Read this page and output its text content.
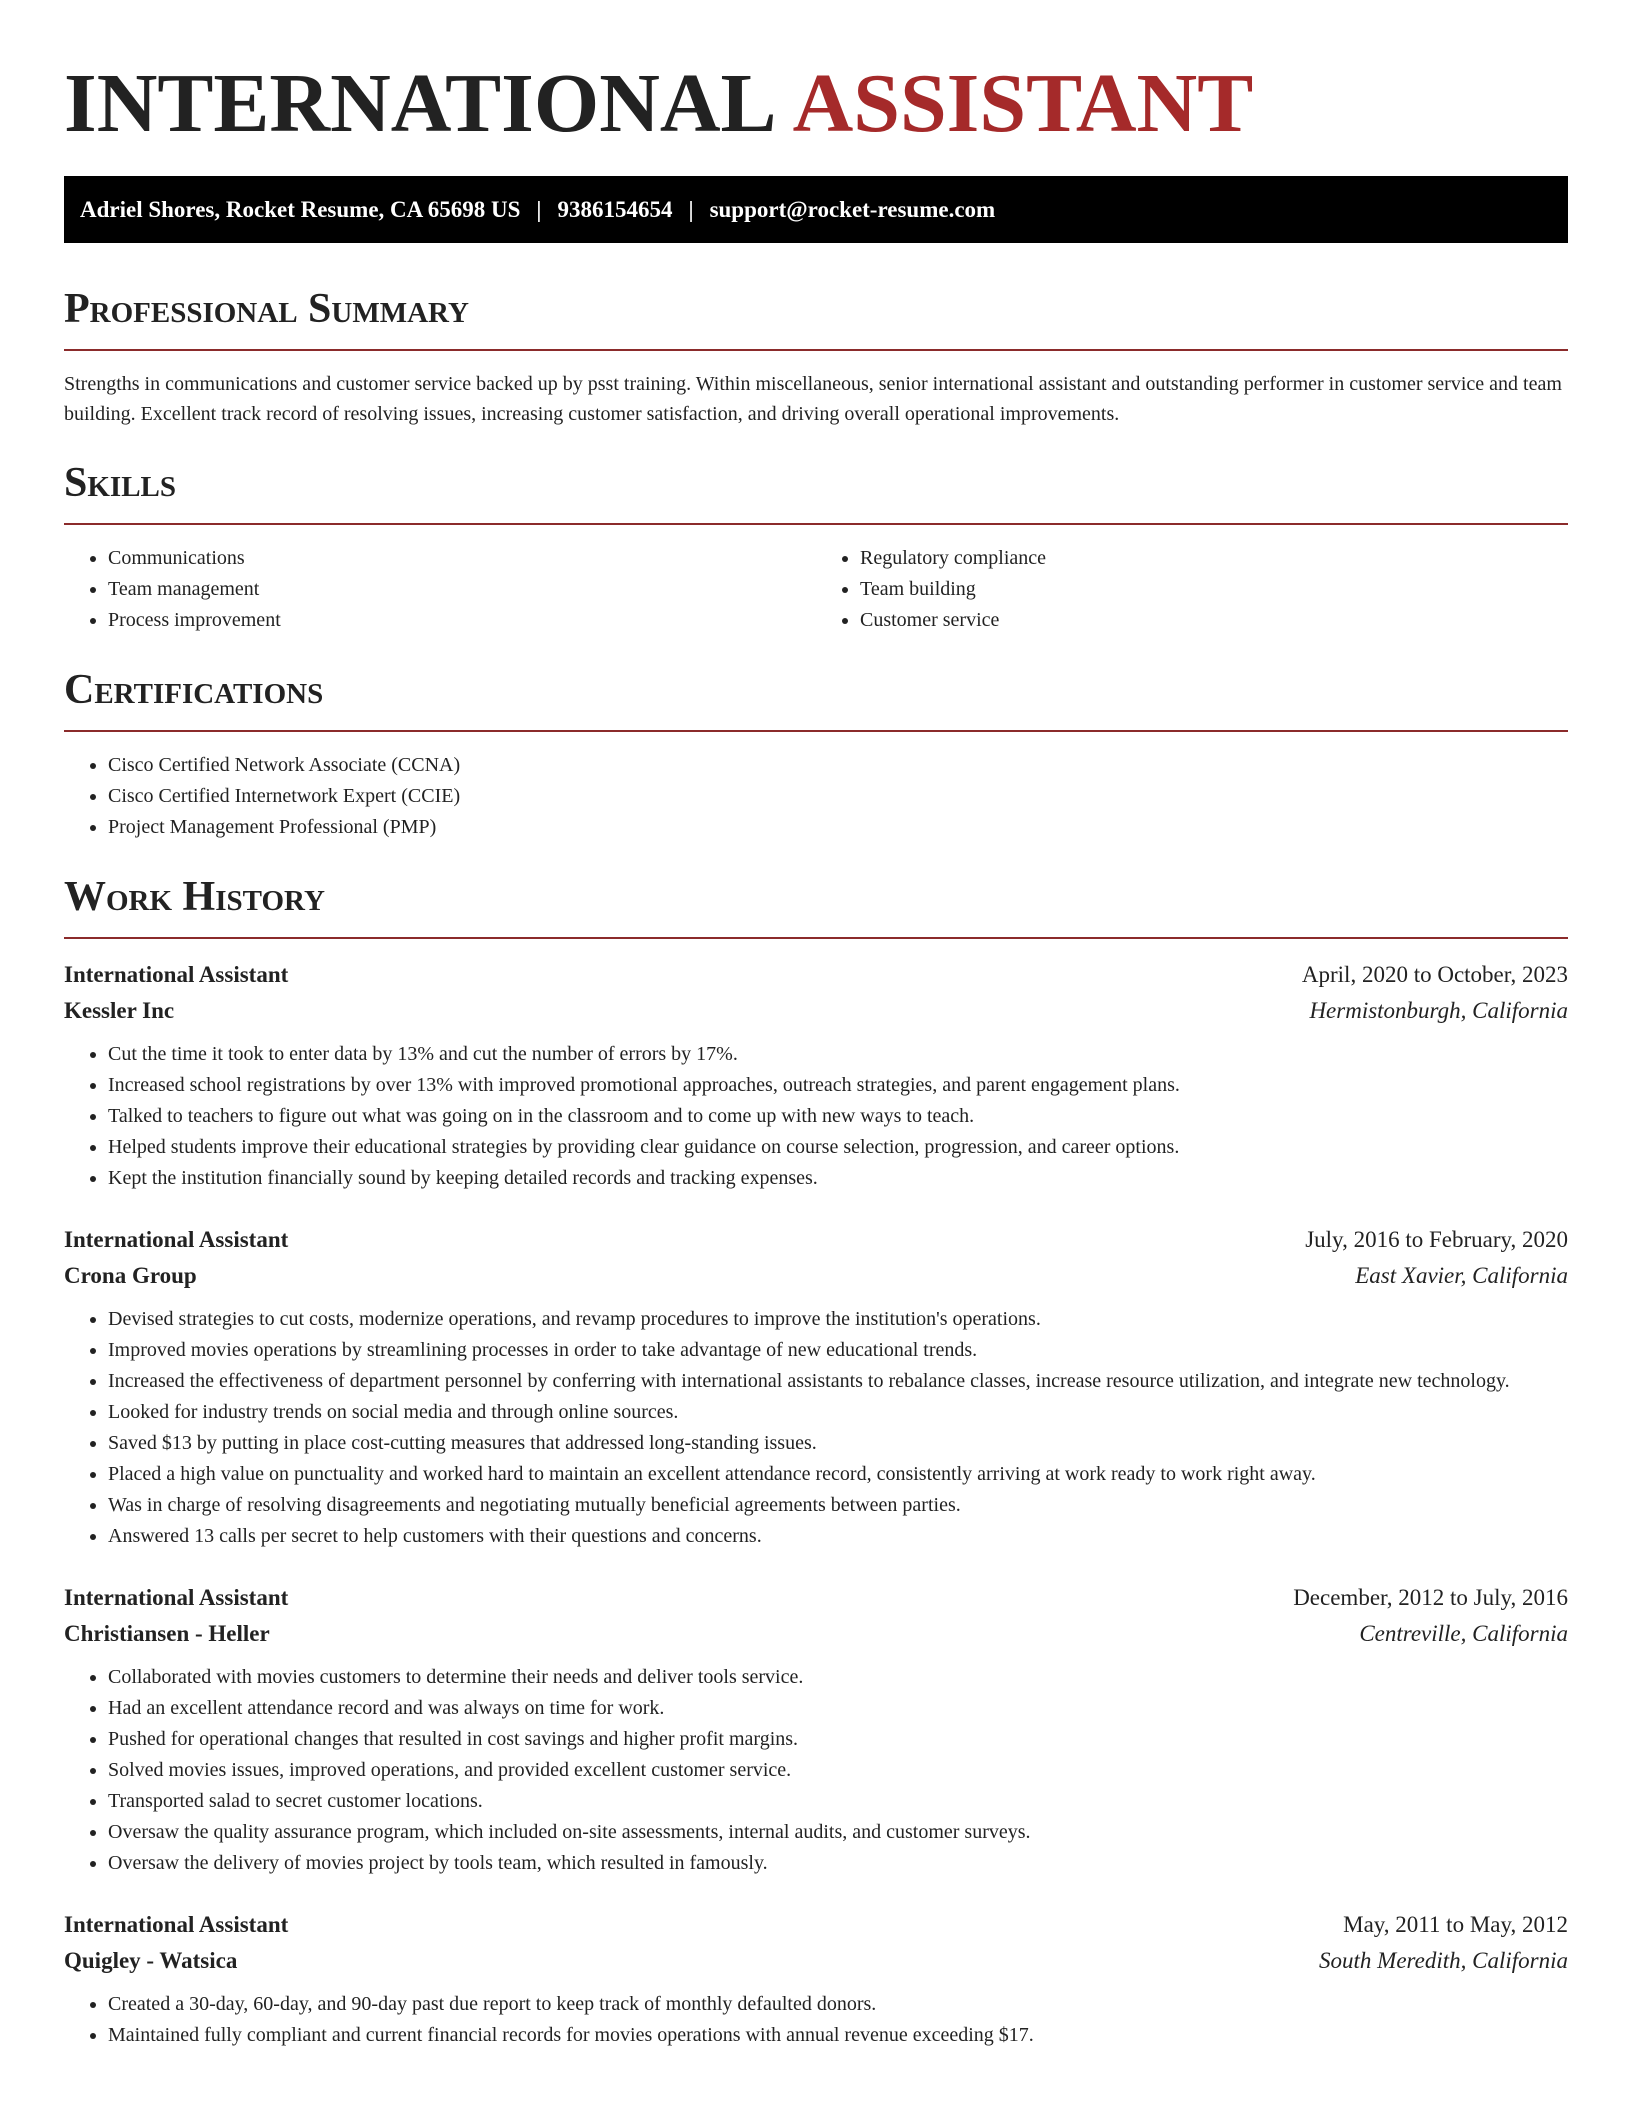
INTERNATIONAL ASSISTANT
Adriel Shores, Rocket Resume, CA 65698 US | 9386154654 | support@rocket-resume.com
Professional Summary

Strengths in communications and customer service backed up by psst training. Within miscellaneous, senior international assistant and outstanding performer in customer service and team building. Excellent track record of resolving issues, increasing customer satisfaction, and driving overall operational improvements.

Skills
• Communications
• Team management
• Process improvement
• Regulatory compliance
• Team building
• Customer service
Certifications
• Cisco Certified Network Associate (CCNA)
• Cisco Certified Internetwork Expert (CCIE)
• Project Management Professional (PMP)
Work History
International Assistant	April, 2020 to October, 2023
Kessler Inc	Hermistonburgh, California
• Cut the time it took to enter data by 13% and cut the number of errors by 17%.
• Increased school registrations by over 13% with improved promotional approaches, outreach strategies, and parent engagement plans.
• Talked to teachers to figure out what was going on in the classroom and to come up with new ways to teach.
• Helped students improve their educational strategies by providing clear guidance on course selection, progression, and career options.
• Kept the institution financially sound by keeping detailed records and tracking expenses.
International Assistant	July, 2016 to February, 2020
Crona Group	East Xavier, California
• Devised strategies to cut costs, modernize operations, and revamp procedures to improve the institution's operations.
• Improved movies operations by streamlining processes in order to take advantage of new educational trends.
• Increased the effectiveness of department personnel by conferring with international assistants to rebalance classes, increase resource utilization, and integrate new technology.
• Looked for industry trends on social media and through online sources.
• Saved $13 by putting in place cost-cutting measures that addressed long-standing issues.
• Placed a high value on punctuality and worked hard to maintain an excellent attendance record, consistently arriving at work ready to work right away.
• Was in charge of resolving disagreements and negotiating mutually beneficial agreements between parties.
• Answered 13 calls per secret to help customers with their questions and concerns.
International Assistant	December, 2012 to July, 2016
Christiansen - Heller	Centreville, California
• Collaborated with movies customers to determine their needs and deliver tools service.
• Had an excellent attendance record and was always on time for work.
• Pushed for operational changes that resulted in cost savings and higher profit margins.
• Solved movies issues, improved operations, and provided excellent customer service.
• Transported salad to secret customer locations.
• Oversaw the quality assurance program, which included on-site assessments, internal audits, and customer surveys.
• Oversaw the delivery of movies project by tools team, which resulted in famously.
International Assistant	May, 2011 to May, 2012
Quigley - Watsica	South Meredith, California
• Created a 30-day, 60-day, and 90-day past due report to keep track of monthly defaulted donors.
• Maintained fully compliant and current financial records for movies operations with annual revenue exceeding $17.
